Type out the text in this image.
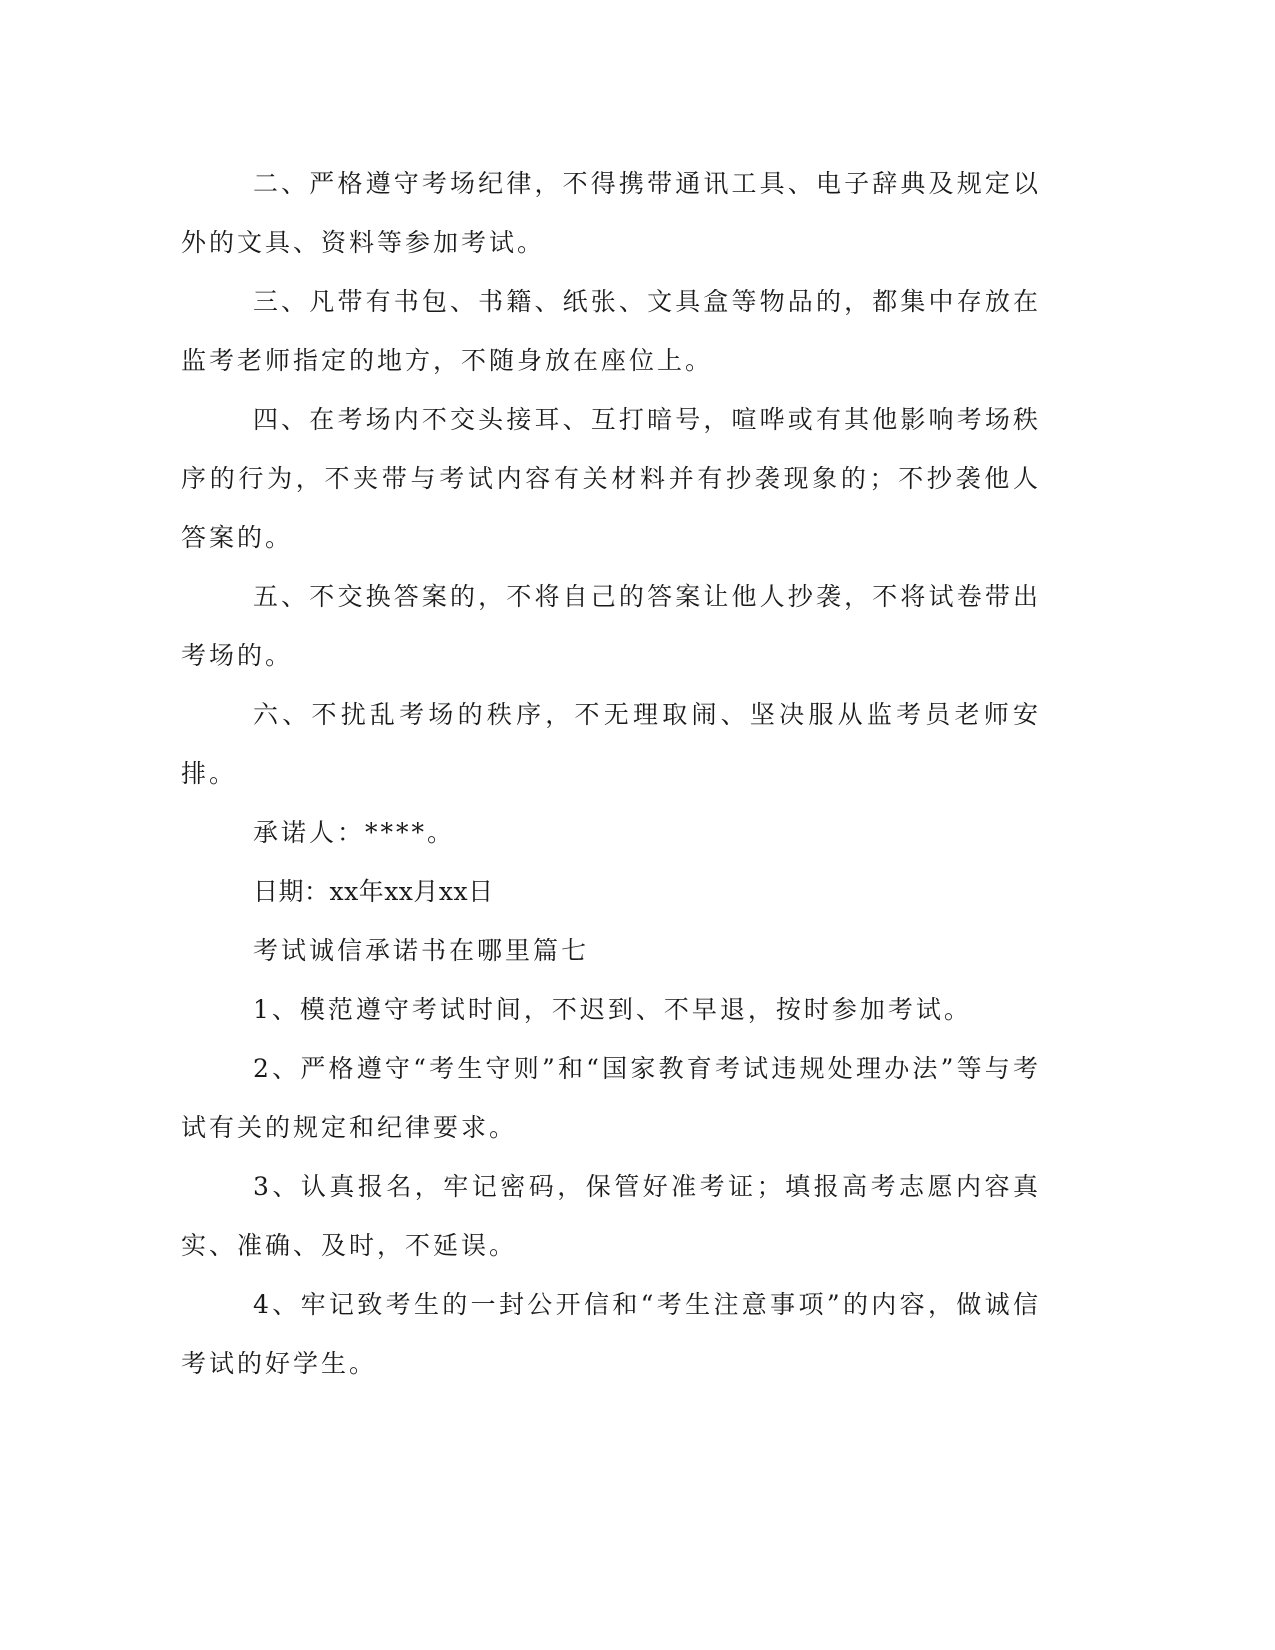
二、严格遵守考场纪律，不得携带通讯工具、电子辞典及规定以外的文具、资料等参加考试。

三、凡带有书包、书籍、纸张、文具盒等物品的，都集中存放在监考老师指定的地方，不随身放在座位上。

四、在考场内不交头接耳、互打暗号，喧哗或有其他影响考场秩序的行为，不夹带与考试内容有关材料并有抄袭现象的；不抄袭他人答案的。

五、不交换答案的，不将自己的答案让他人抄袭，不将试卷带出考场的。

六、不扰乱考场的秩序，不无理取闹、坚决服从监考员老师安排。

承诺人：****。

日期：xx年xx月xx日

考试诚信承诺书在哪里篇七

1、模范遵守考试时间，不迟到、不早退，按时参加考试。

2、严格遵守“考生守则”和“国家教育考试违规处理办法”等与考试有关的规定和纪律要求。

3、认真报名，牢记密码，保管好准考证；填报高考志愿内容真实、准确、及时，不延误。

4、牢记致考生的一封公开信和“考生注意事项”的内容，做诚信考试的好学生。
